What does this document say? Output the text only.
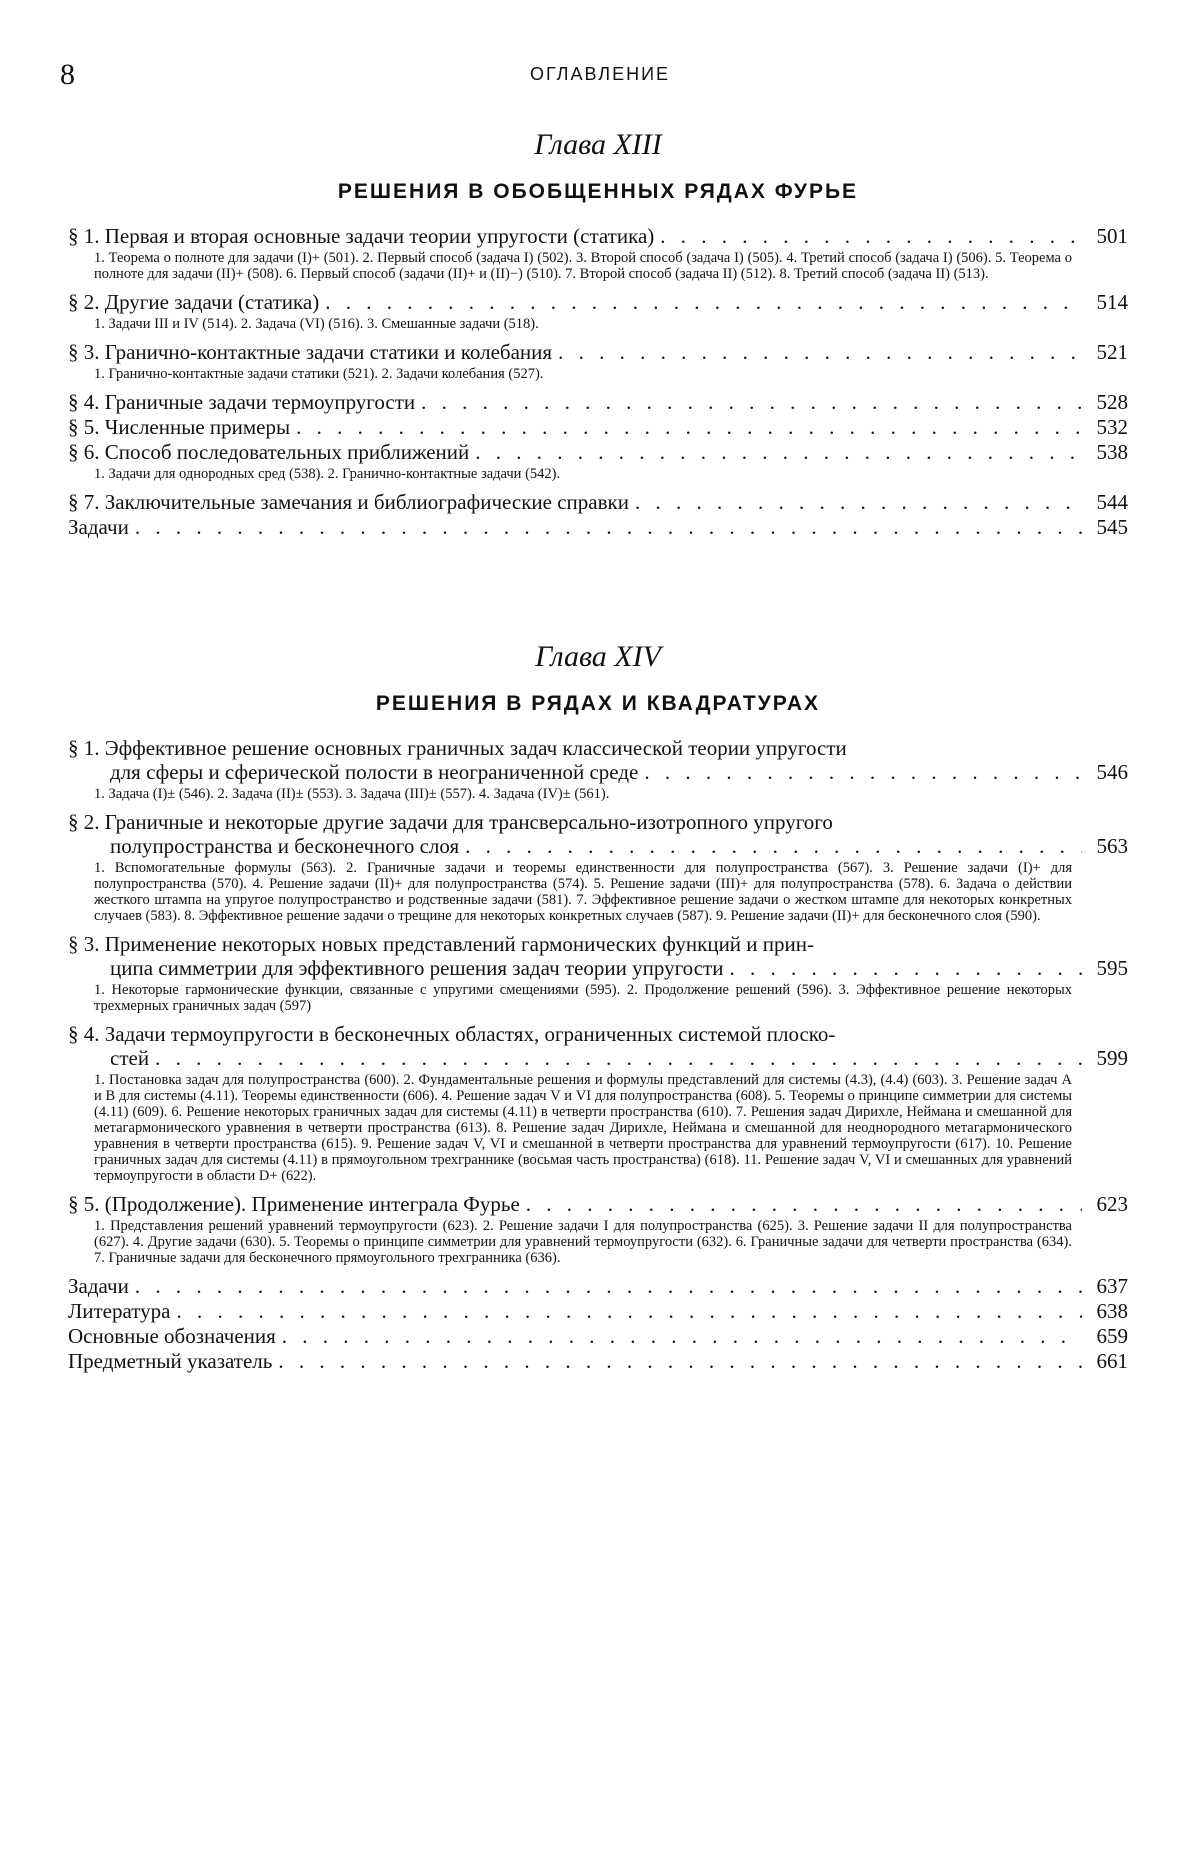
8	ОГЛАВЛЕНИЕ
Глава XIII
РЕШЕНИЯ В ОБОБЩЕННЫХ РЯДАХ ФУРЬЕ
§ 1. Первая и вторая основные задачи теории упругости (статика) . . .	501
1. Теорема о полноте для задачи (I)+ (501). 2. Первый способ (задача I) (502). 3. Второй способ (задача I) (505). 4. Третий способ (задача I) (506). 5. Теорема о полноте для задачи (II)+ (508). 6. Первый способ (задачи (II)+ и (II)−) (510). 7. Второй способ (задача II) (512). 8. Третий способ (задача II) (513).
§ 2. Другие задачи (статика) . . .	514
1. Задачи III и IV (514). 2. Задача (VI) (516). 3. Смешанные задачи (518).
§ 3. Гранично-контактные задачи статики и колебания . . .	521
1. Гранично-контактные задачи статики (521). 2. Задачи колебания (527).
§ 4. Граничные задачи термоупругости . . .	528
§ 5. Численные примеры . . .	532
§ 6. Способ последовательных приближений . . .	538
1. Задачи для однородных сред (538). 2. Гранично-контактные задачи (542).
§ 7. Заключительные замечания и библиографические справки . . .	544
Задачи . . .	545
Глава XIV
РЕШЕНИЯ В РЯДАХ И КВАДРАТУРАХ
§ 1. Эффективное решение основных граничных задач классической теории упругости
для сферы и сферической полости в неограниченной среде . . .	546
1. Задача (I)± (546). 2. Задача (II)± (553). 3. Задача (III)± (557). 4. Задача (IV)± (561).
§ 2. Граничные и некоторые другие задачи для трансверсально-изотропного упругого
полупространства и бесконечного слоя . . .	563
1. Вспомогательные формулы (563). 2. Граничные задачи и теоремы единственности для полупространства (567). 3. Решение задачи (I)+ для полупространства (570). 4. Решение задачи (II)+ для полупространства (574). 5. Решение задачи (III)+ для полупространства (578). 6. Задача о действии жесткого штампа на упругое полупространство и родственные задачи (581). 7. Эффективное решение задачи о жестком штампе для некоторых конкретных случаев (583). 8. Эффективное решение задачи о трещине для некоторых конкретных случаев (587). 9. Решение задачи (II)+ для бесконечного слоя (590).
§ 3. Применение некоторых новых представлений гармонических функций и прин-
ципа симметрии для эффективного решения задач теории упругости . . .	595
1. Некоторые гармонические функции, связанные с упругими смещениями (595). 2. Продолжение решений (596). 3. Эффективное решение некоторых трехмерных граничных задач (597)
§ 4. Задачи термоупругости в бесконечных областях, ограниченных системой плоско-
стей . . .	599
1. Постановка задач для полупространства (600). 2. Фундаментальные решения и формулы представлений для системы (4.3), (4.4) (603). 3. Решение задач A и B для системы (4.11). Теоремы единственности (606). 4. Решение задач V и VI для полупространства (608). 5. Теоремы о принципе симметрии для системы (4.11) (609). 6. Решение некоторых граничных задач для системы (4.11) в четверти пространства (610). 7. Решения задач Дирихле, Неймана и смешанной для метагармонического уравнения в четверти пространства (613). 8. Решение задач Дирихле, Неймана и смешанной для неоднородного метагармонического уравнения в четверти пространства (615). 9. Решение задач V, VI и смешанной в четверти пространства для уравнений термоупругости (617). 10. Решение граничных задач для системы (4.11) в прямоугольном трехграннике (восьмая часть пространства) (618). 11. Решение задач V, VI и смешанных для уравнений термоупругости в области D+ (622).
§ 5. (Продолжение). Применение интеграла Фурье . . .	623
1. Представления решений уравнений термоупругости (623). 2. Решение задачи I для полупространства (625). 3. Решение задачи II для полупространства (627). 4. Другие задачи (630). 5. Теоремы о принципе симметрии для уравнений термоупругости (632). 6. Граничные задачи для четверти пространства (634). 7. Граничные задачи для бесконечного прямоугольного трехгранника (636).
Задачи . . .	637
Литература . . .	638
Основные обозначения . . .	659
Предметный указатель . . .	661
